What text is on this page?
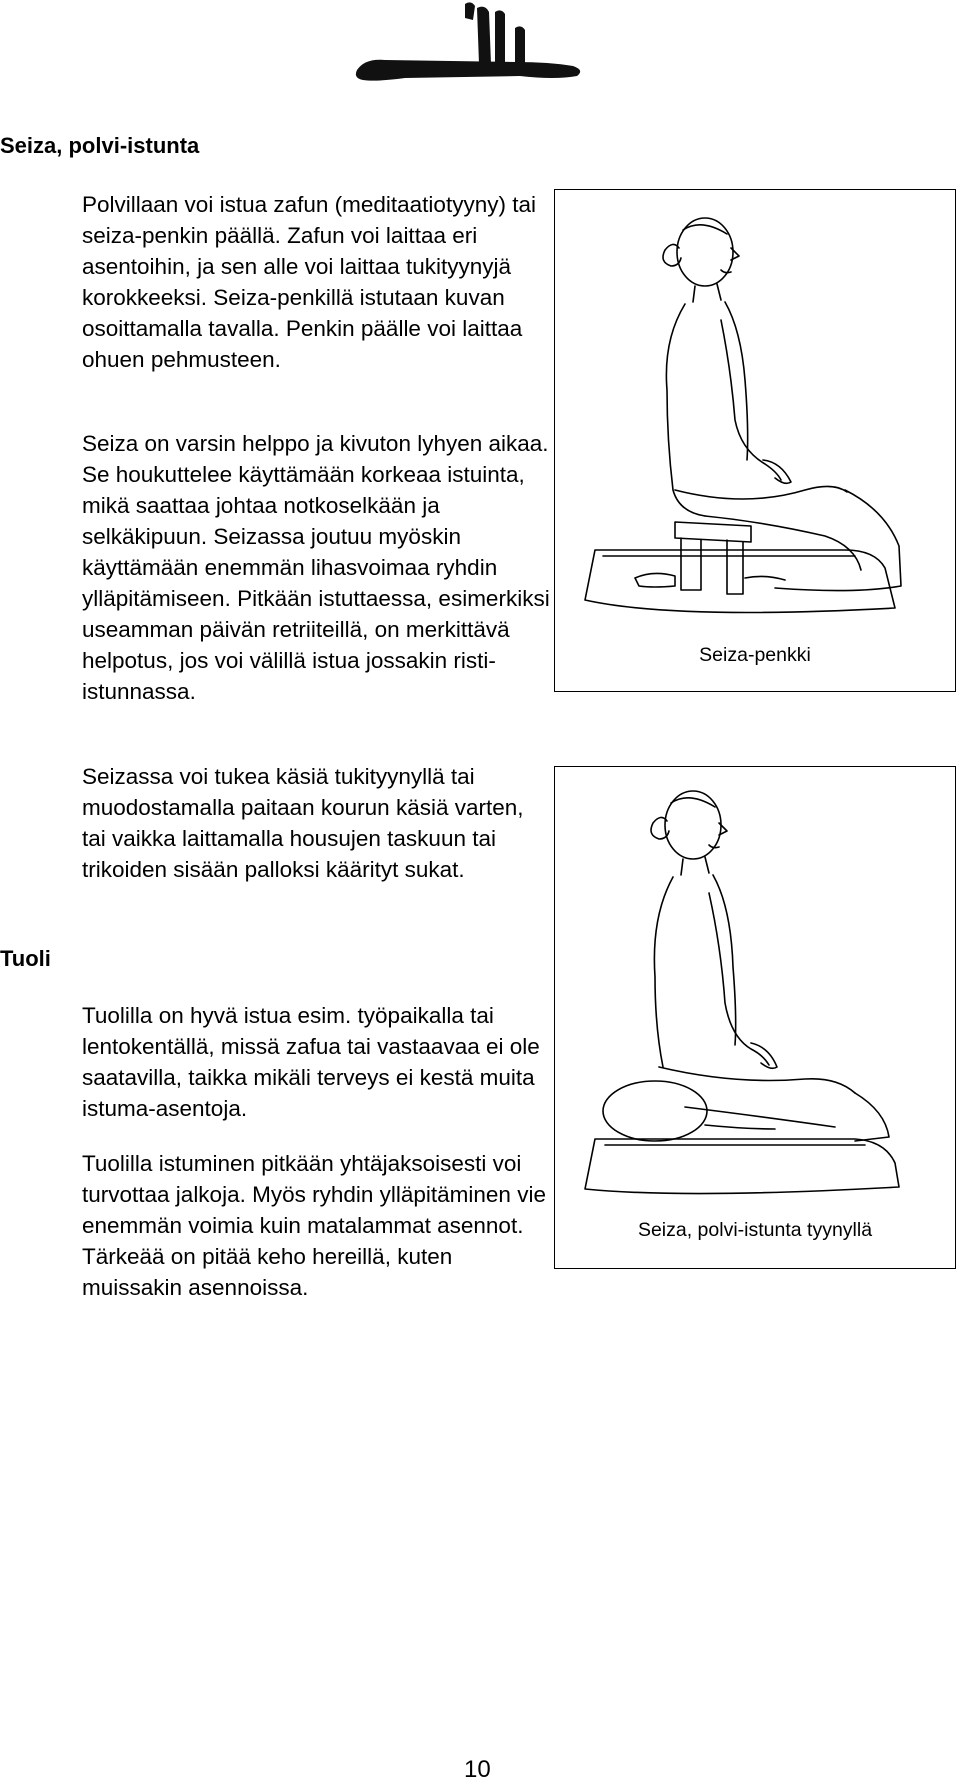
Seiza, polvi-istunta
Polvillaan voi istua zafun (meditaatiotyyny) tai seiza-penkin päällä. Zafun voi laittaa eri asentoihin, ja sen alle voi laittaa tukityynyjä korokkeeksi. Seiza-penkillä istutaan kuvan osoittamalla tavalla. Penkin päälle voi laittaa ohuen pehmusteen.
Seiza on varsin helppo ja kivuton lyhyen aikaa. Se houkuttelee käyttämään korkeaa istuinta, mikä saattaa johtaa notkoselkään ja selkäkipuun. Seizassa joutuu myöskin käyttämään enemmän lihasvoimaa ryhdin ylläpitämiseen. Pitkään istuttaessa, esimerkiksi useamman päivän retriiteillä, on merkittävä helpotus, jos voi välillä istua jossakin risti-istunnassa.
Seizassa voi tukea käsiä tukityynyllä tai muodostamalla paitaan kourun käsiä varten, tai vaikka laittamalla housujen taskuun tai trikoiden sisään palloksi käärityt sukat.
Tuoli
Tuolilla on hyvä istua esim. työpaikalla tai lentokentällä, missä zafua tai vastaavaa ei ole saatavilla, taikka mikäli terveys ei kestä muita istuma-asentoja.
Tuolilla istuminen pitkään yhtäjaksoisesti voi turvottaa jalkoja. Myös ryhdin ylläpitäminen vie enemmän voimia kuin matalammat asennot. Tärkeää on pitää keho hereillä, kuten muissakin asennoissa.
Seiza-penkki
Seiza, polvi-istunta tyynyllä
10
